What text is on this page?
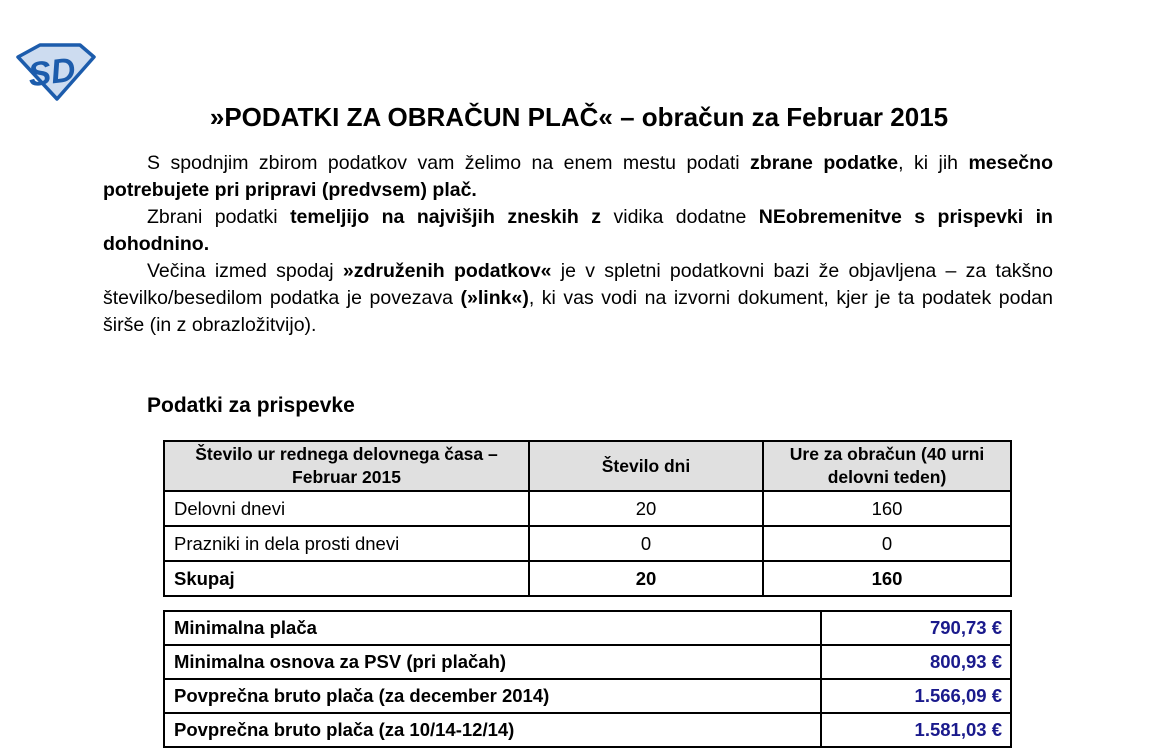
SD
»PODATKI ZA OBRAČUN PLAČ« – obračun za Februar 2015

S spodnjim zbirom podatkov vam želimo na enem mestu podati zbrane podatke, ki jih mesečno potrebujete pri pripravi (predvsem) plač.

Zbrani podatki temeljijo na najvišjih zneskih z vidika dodatne NEobremenitve s prispevki in dohodnino.

Večina izmed spodaj »združenih podatkov« je v spletni podatkovni bazi že objavljena – za takšno številko/besedilom podatka je povezava (»link«), ki vas vodi na izvorni dokument, kjer je ta podatek podan širše (in z obrazložitvijo).

Podatki za prispevke
Število ur rednega delovnega časa – Februar 2015	Število dni	Ure za obračun (40 urni delovni teden)
Delovni dnevi	20	160
Prazniki in dela prosti dnevi	0	0
Skupaj	20	160
Minimalna plača	790,73 €
Minimalna osnova za PSV (pri plačah)	800,93 €
Povprečna bruto plača (za december 2014)	1.566,09 €
Povprečna bruto plača (za 10/14-12/14)	1.581,03 €
